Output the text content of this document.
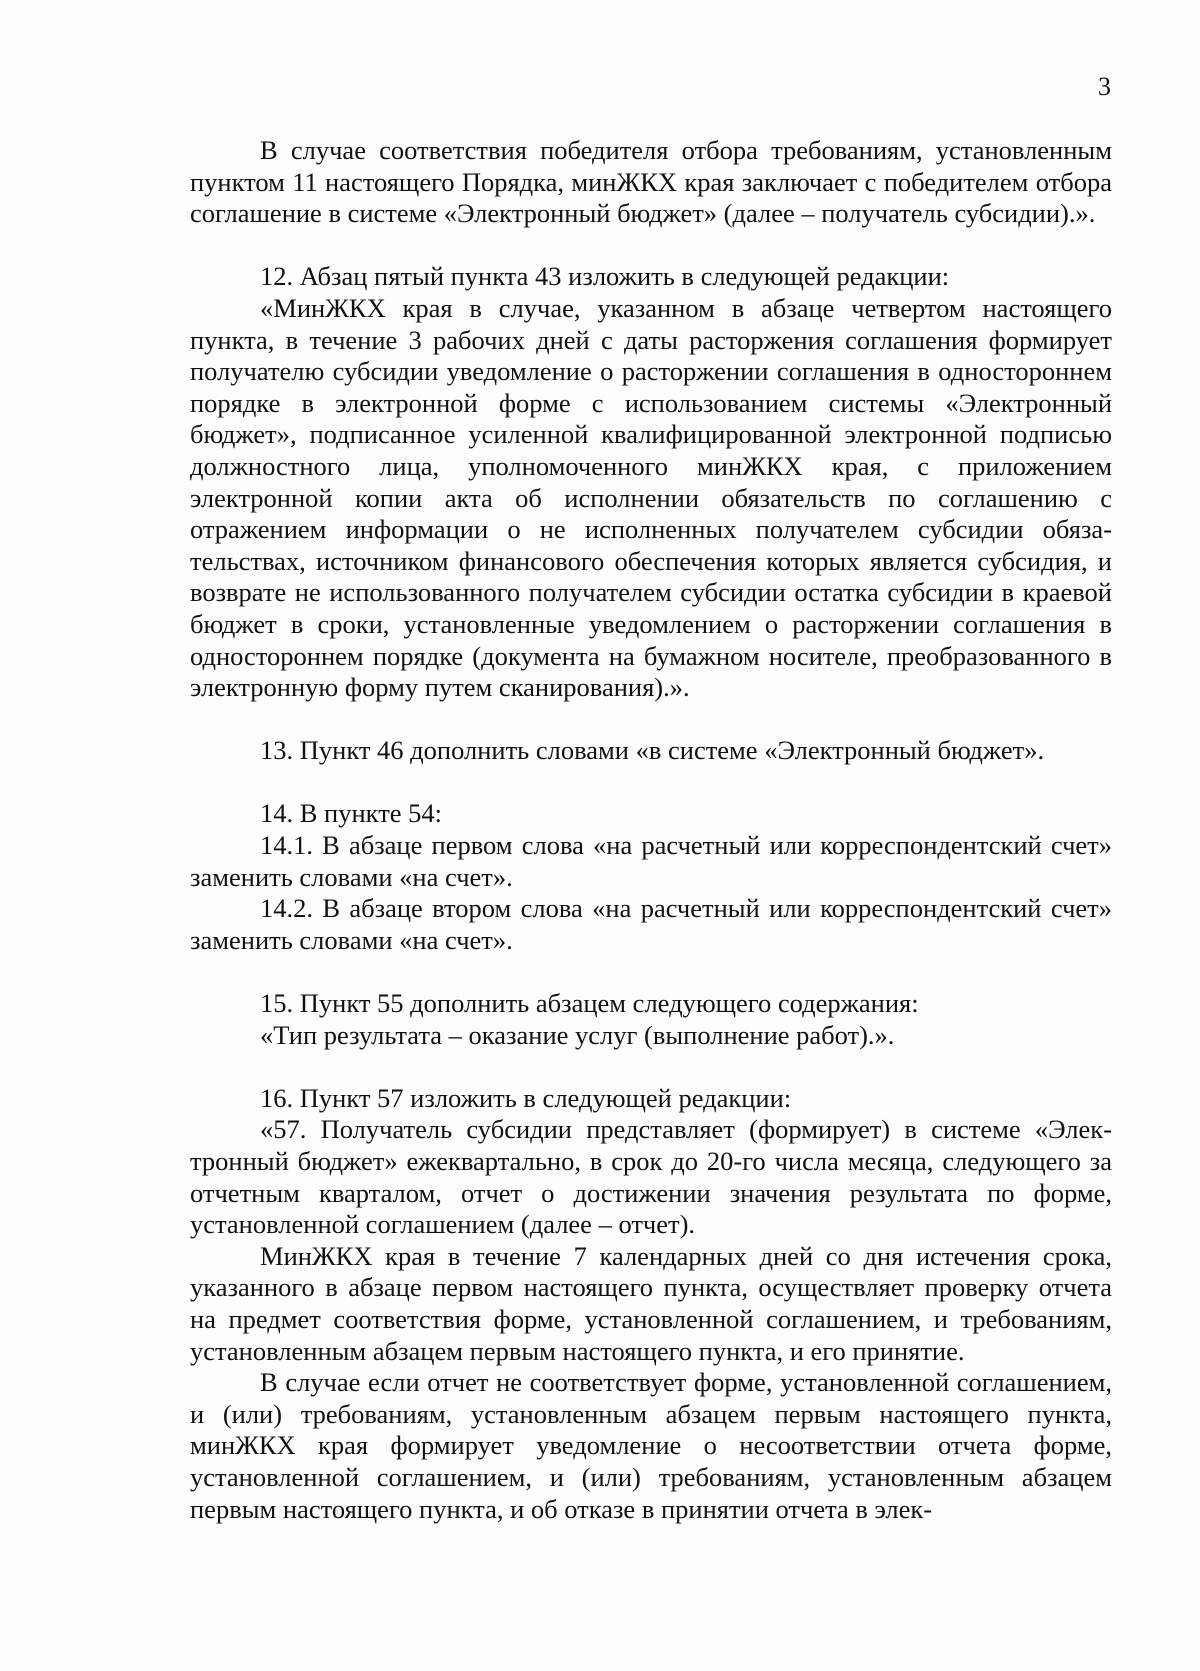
3

В случае соответствия победителя отбора требованиям, установленным пунктом 11 настоящего Порядка, минЖКХ края заключает с победителем отбора соглашение в системе «Электронный бюджет» (далее – получатель субсидии).».

12. Абзац пятый пункта 43 изложить в следующей редакции:

«МинЖКХ края в случае, указанном в абзаце четвертом настоящего пункта, в течение 3 рабочих дней с даты расторжения соглашения формирует получателю субсидии уведомление о расторжении соглашения в одностороннем порядке в электронной форме с использованием системы «Электронный бюджет», подписанное усиленной квалифицированной электронной подписью должностного лица, уполномоченного минЖКХ края, с приложением электронной копии акта об исполнении обязательств по соглашению с отражением информации о не исполненных получателем субсидии обязательствах, источником финансового обеспечения которых является субсидия, и возврате не использованного получателем субсидии остатка субсидии в краевой бюджет в сроки, установленные уведомлением о расторжении соглашения в одностороннем порядке (документа на бумажном носителе, преобразованного в электронную форму путем сканирования).».

13. Пункт 46 дополнить словами «в системе «Электронный бюджет».

14. В пункте 54:

14.1. В абзаце первом слова «на расчетный или корреспондентский счет» заменить словами «на счет».

14.2. В абзаце втором слова «на расчетный или корреспондентский счет» заменить словами «на счет».

15. Пункт 55 дополнить абзацем следующего содержания:

«Тип результата – оказание услуг (выполнение работ).».

16. Пункт 57 изложить в следующей редакции:

«57. Получатель субсидии представляет (формирует) в системе «Электронный бюджет» ежеквартально, в срок до 20-го числа месяца, следующего за отчетным кварталом, отчет о достижении значения результата по форме, установленной соглашением (далее – отчет).

МинЖКХ края в течение 7 календарных дней со дня истечения срока, указанного в абзаце первом настоящего пункта, осуществляет проверку отчета на предмет соответствия форме, установленной соглашением, и требованиям, установленным абзацем первым настоящего пункта, и его принятие.

В случае если отчет не соответствует форме, установленной соглашением, и (или) требованиям, установленным абзацем первым настоящего пункта, минЖКХ края формирует уведомление о несоответствии отчета форме, установленной соглашением, и (или) требованиям, установленным абзацем первым настоящего пункта, и об отказе в принятии отчета в элек-
